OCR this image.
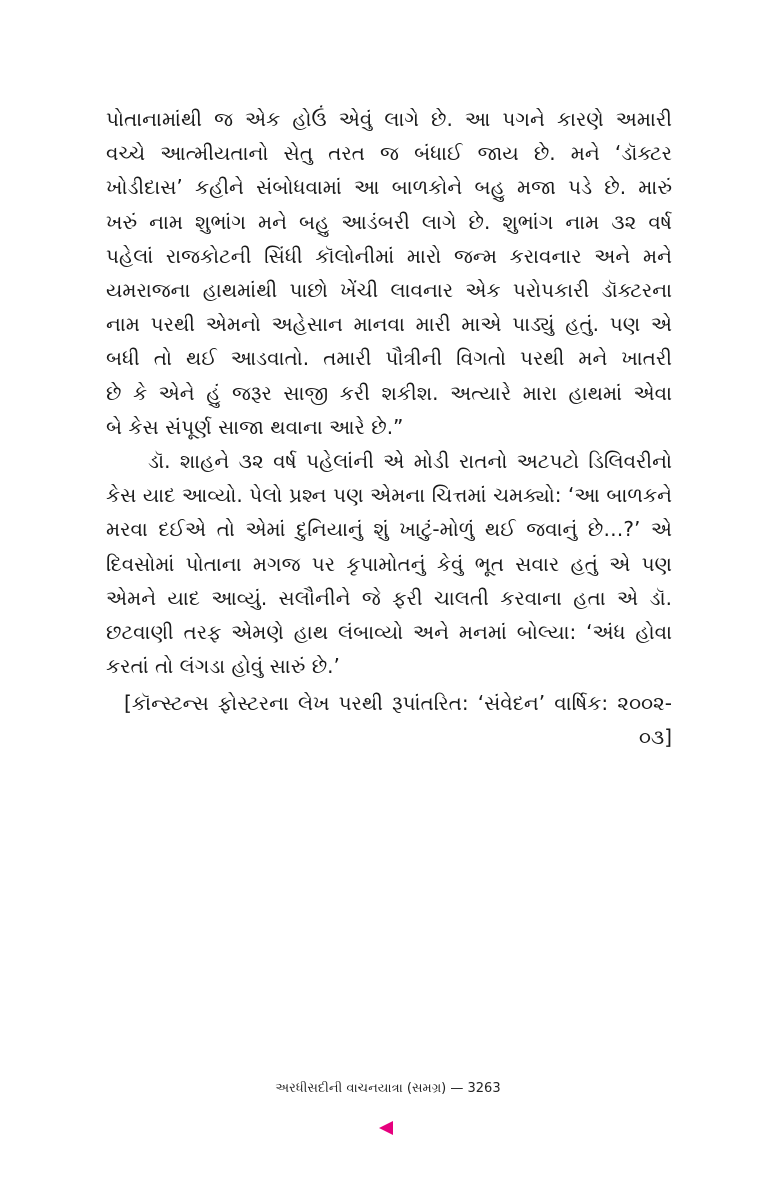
પોતાનામાંથી જ એક હોઉં એવું લાગે છે. આ પગને કારણે અમારી
વચ્ચે આત્મીયતાનો સેતુ તરત જ બંધાઈ જાય છે. મને ‘ડૉક્ટર
ખોડીદાસ’ કહીને સંબોધવામાં આ બાળકોને બહુ મજા પડે છે. મારું
ખરું નામ શુભાંગ મને બહુ આડંબરી લાગે છે. શુભાંગ નામ ૩૨ વર્ષ
પહેલાં રાજકોટની સિંધી કૉલોનીમાં મારો જન્મ કરાવનાર અને મને
યમરાજના હાથમાંથી પાછો ખેંચી લાવનાર એક પરોપકારી ડૉક્ટરના
નામ પરથી એમનો અહેસાન માનવા મારી માએ પાડ્યું હતું. પણ એ
બધી તો થઈ આડવાતો. તમારી પૌત્રીની વિગતો પરથી મને ખાતરી
છે કે એને હું જરૂર સાજી કરી શકીશ. અત્યારે મારા હાથમાં એવા
બે કેસ સંપૂર્ણ સાજા થવાના આરે છે.”
ડૉ. શાહને ૩૨ વર્ષ પહેલાંની એ મોડી રાતનો અટપટો ડિલિવરીનો
કેસ યાદ આવ્યો. પેલો પ્રશ્ન પણ એમના ચિત્તમાં ચમક્યો: ‘આ બાળકને
મરવા દઈએ તો એમાં દુનિયાનું શું ખાટું-મોળું થઈ જવાનું છે…?’ એ
દિવસોમાં પોતાના મગજ પર કૃપામોતનું કેવું ભૂત સવાર હતું એ પણ
એમને યાદ આવ્યું. સલૌનીને જે ફરી ચાલતી કરવાના હતા એ ડૉ.
છટવાણી તરફ એમણે હાથ લંબાવ્યો અને મનમાં બોલ્યા: ‘અંધ હોવા
કરતાં તો લંગડા હોવું સારું છે.’
[કૉન્સ્ટન્સ ફોસ્ટરના લેખ પરથી રૂપાંતરિત: ‘સંવેદન’ વાર્ષિક: ૨૦૦૨-
૦૩]
અરધીસદીની વાચનયાત્રા (સમગ્ર) — 3263
